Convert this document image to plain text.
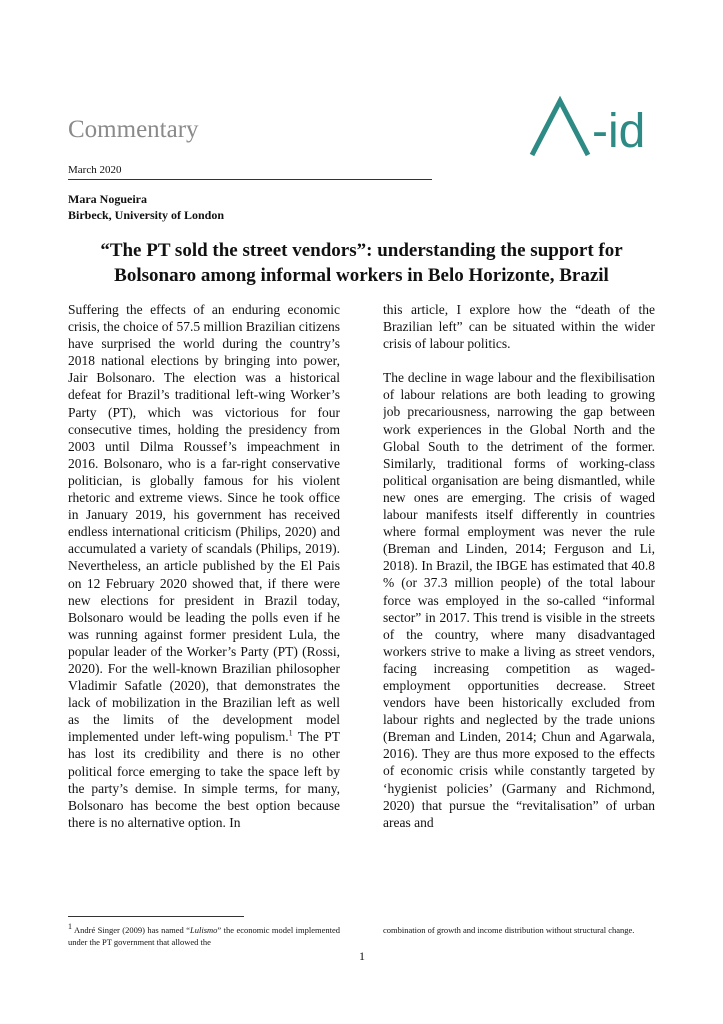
Commentary	-id
March 2020
Mara Nogueira
Birbeck, University of London
“The PT sold the street vendors”: understanding the support for Bolsonaro among informal workers in Belo Horizonte, Brazil

Suffering the effects of an enduring economic crisis, the choice of 57.5 million Brazilian citizens have surprised the world during the country’s 2018 national elections by bringing into power, Jair Bolsonaro. The election was a historical defeat for Brazil’s traditional left-wing Worker’s Party (PT), which was victorious for four consecutive times, holding the presidency from 2003 until Dilma Roussef’s impeachment in 2016. Bolsonaro, who is a far-right conservative politician, is globally famous for his violent rhetoric and extreme views. Since he took office in January 2019, his government has received endless international criticism (Philips, 2020) and accumulated a variety of scandals (Philips, 2019). Nevertheless, an article published by the El Pais on 12 February 2020 showed that, if there were new elections for president in Brazil today, Bolsonaro would be leading the polls even if he was running against former president Lula, the popular leader of the Worker’s Party (PT) (Rossi, 2020). For the well-known Brazilian philosopher Vladimir Safatle (2020), that demonstrates the lack of mobilization in the Brazilian left as well as the limits of the development model implemented under left-wing populism.$^1$ The PT has lost its credibility and there is no other political force emerging to take the space left by the party’s demise. In simple terms, for many, Bolsonaro has become the best option because there is no alternative option. In

this article, I explore how the “death of the Brazilian left” can be situated within the wider crisis of labour politics.

The decline in wage labour and the flexibilisation of labour relations are both leading to growing job precariousness, narrowing the gap between work experiences in the Global North and the Global South to the detriment of the former. Similarly, traditional forms of working-class political organisation are being dismantled, while new ones are emerging. The crisis of waged labour manifests itself differently in countries where formal employment was never the rule (Breman and Linden, 2014; Ferguson and Li, 2018). In Brazil, the IBGE has estimated that 40.8 % (or 37.3 million people) of the total labour force was employed in the so-called “informal sector” in 2017. This trend is visible in the streets of the country, where many disadvantaged workers strive to make a living as street vendors, facing increasing competition as waged-employment opportunities decrease. Street vendors have been historically excluded from labour rights and neglected by the trade unions (Breman and Linden, 2014; Chun and Agarwala, 2016). They are thus more exposed to the effects of economic crisis while constantly targeted by ‘hygienist policies’ (Garmany and Richmond, 2020) that pursue the “revitalisation” of urban areas and

$^1$ André Singer (2009) has named “Lulismo” the economic model implemented under the PT government that allowed the
combination of growth and income distribution without structural change.
1
